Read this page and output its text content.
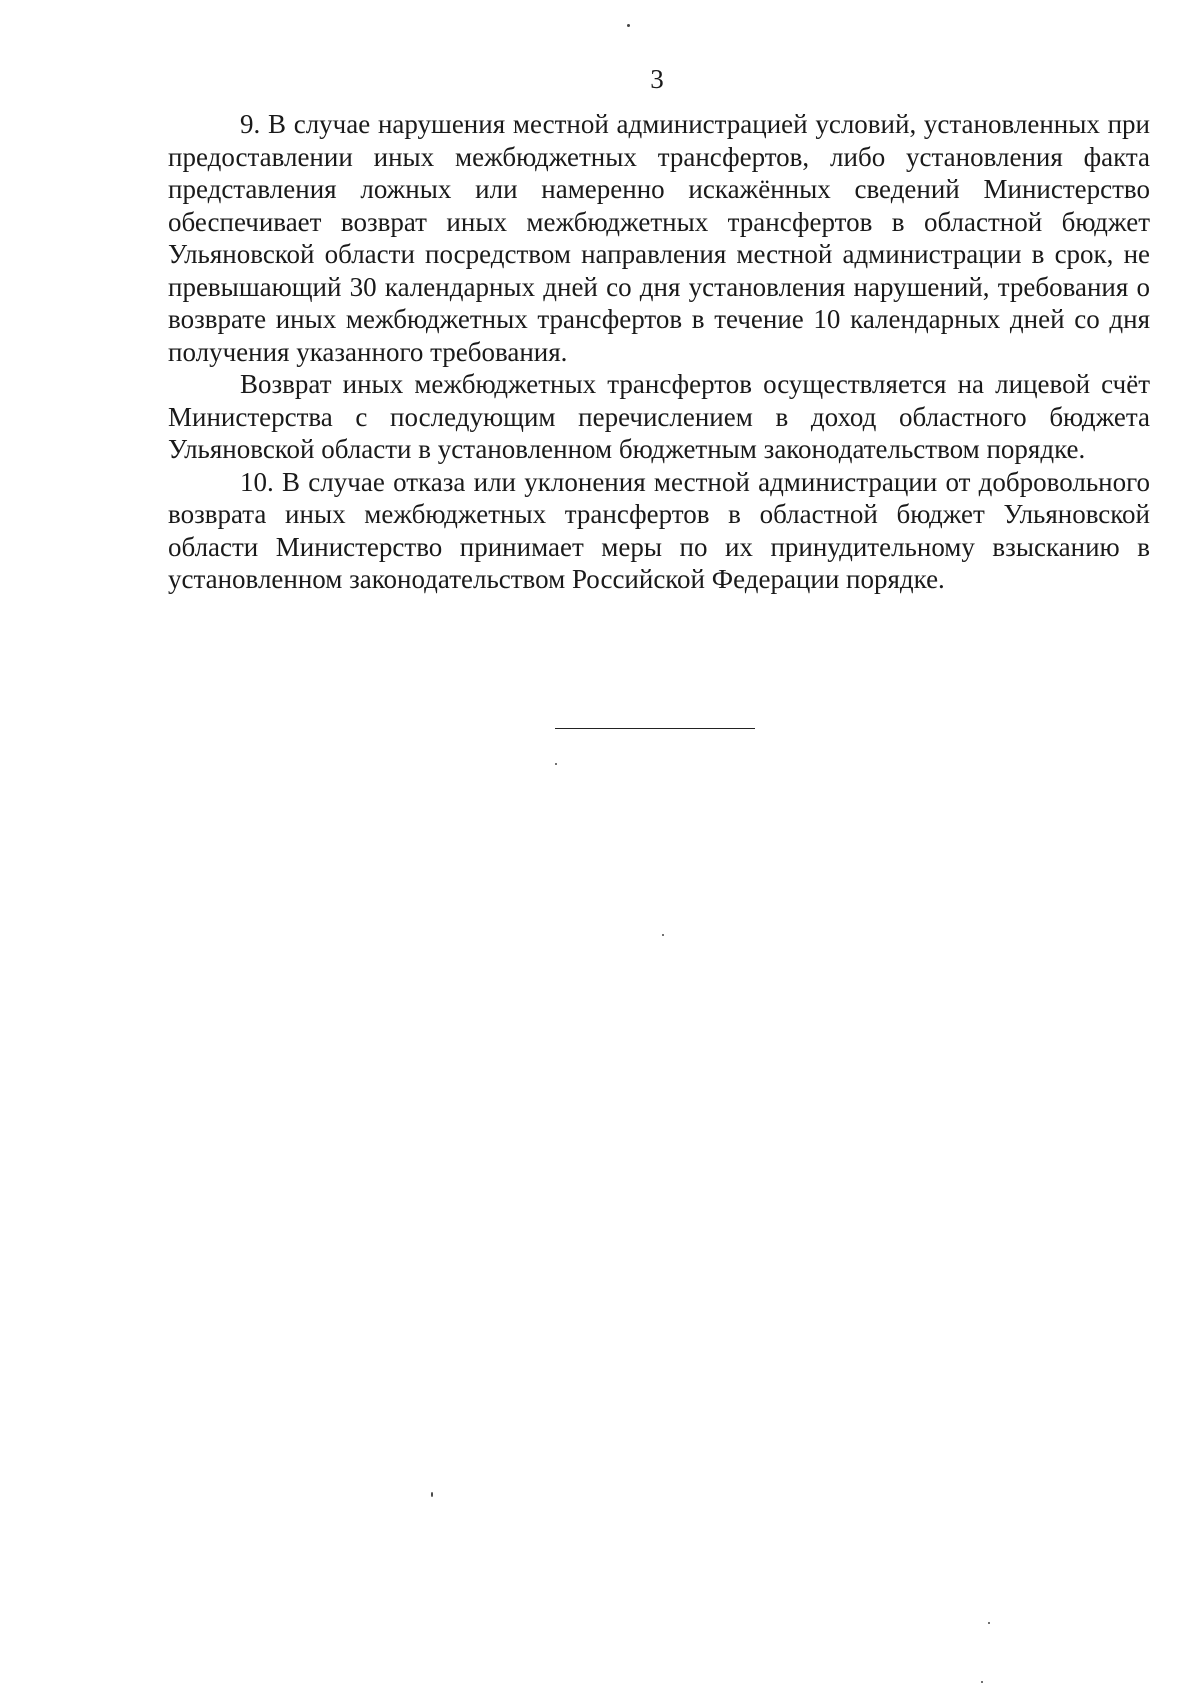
3

9. В случае нарушения местной администрацией условий, установленных при предоставлении иных межбюджетных трансфертов, либо установления факта представления ложных или намеренно искажённых сведений Министерство обеспечивает возврат иных межбюджетных трансфертов в областной бюджет Ульяновской области посредством направления местной администрации в срок, не превышающий 30 календарных дней со дня установления нарушений, требования о возврате иных межбюджетных трансфертов в течение 10 календарных дней со дня получения указанного требования.

Возврат иных межбюджетных трансфертов осуществляется на лицевой счёт Министерства с последующим перечислением в доход областного бюджета Ульяновской области в установленном бюджетным законодательством порядке.

10. В случае отказа или уклонения местной администрации от добровольного возврата иных межбюджетных трансфертов в областной бюджет Ульяновской области Министерство принимает меры по их принудительному взысканию в установленном законодательством Российской Федерации порядке.
